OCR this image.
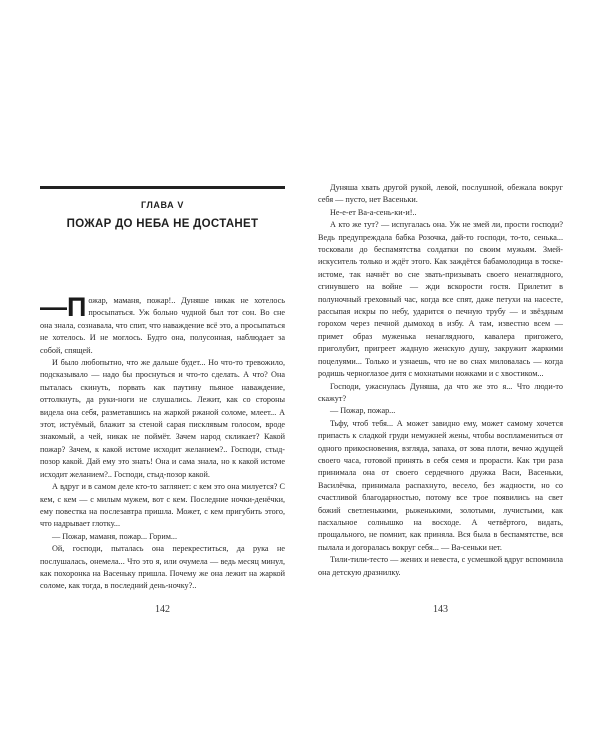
ГЛАВА V
ПОЖАР ДО НЕБА НЕ ДОСТАНЕТ

—П ожар, маманя, пожар!.. Дуняше никак не хотелось просыпаться. Уж больно чудной был тот сон. Во сне она знала, сознавала, что спит, что наваждение всё это, а просыпаться не хотелось. И не моглось. Будто она, полусонная, наблюдает за собой, спящей.

И было любопытно, что же дальше будет... Но что-то тревожило, подсказывало — надо бы проснуться и что-то сделать. А что? Она пыталась скинуть, порвать как паутину пьяное наваждение, оттолкнуть, да руки-ноги не слушались. Лежит, как со стороны видела она себя, разметавшись на жаркой ржаной соломе, млеет... А этот, истуёмый, блажит за стеной сарая писклявым голосом, вроде знакомый, а чей, никак не поймёт. Зачем народ скликает? Какой пожар? Зачем, к какой истоме исходит желанием?.. Господи, стыд-позор какой. Дай ему это знать! Она и сама знала, но к какой истоме исходит желанием?.. Господи, стыд-позор какой.

А вдруг и в самом деле кто-то заглянет: с кем это она милуется? С кем, с кем — с милым мужем, вот с кем. Последние ночки-денёчки, ему повестка на послезавтра пришла. Может, с кем пригубить этого, что надрывает глотку...

— Пожар, маманя, пожар... Горим...

Ой, господи, пыталась она перекреститься, да рука не послушалась, онемела... Что это я, или очумела — ведь месяц минул, как похоронка на Васеньку пришла. Почему же она лежит на жаркой соломе, как тогда, в последний день-ночку?..

142

Дуняша хвать другой рукой, левой, послушной, обежала вокруг себя — пусто, нет Васеньки.

Не-е-ет Ва-а-сень-ки-и!..

А кто же тут? — испугалась она. Уж не змей ли, прости господи? Ведь предупреждала бабка Розочка, дай-то господи, то-то, сенька... тосковали до беспамятства солдатки по своим мужьям. Змей-искуситель только и ждёт этого. Как заждётся бабамолодица в тоске-истоме, так начнёт во сне звать-призывать своего ненаглядного, сгинувшего на войне — жди вскорости гостя. Прилетит в полуночный греховный час, когда все спят, даже петухи на насесте, рассыпая искры по небу, ударится о печную трубу — и звёздным горохом через печной дымоход в избу. А там, известно всем — примет образ муженька ненаглядного, кавалера пригожего, приголубит, пригреет жадную женскую душу, закружит жаркими поцелуями... Только и узнаешь, что не во снах миловалась — когда родишь черноглазое дитя с мохнатыми ножками и с хвостиком...

Господи, ужаснулась Дуняша, да что же это я... Что люди-то скажут?

— Пожар, пожар...

Тьфу, чтоб тебя... А может завидно ему, может самому хочется припасть к сладкой груди немужней жены, чтобы воспламениться от одного прикосновения, взгляда, запаха, от зова плоти, вечно ждущей своего часа, готовой принять в себя семя и прорасти. Как три раза принимала она от своего сердечного дружка Васи, Васеньки, Василёчка, принимала распахнуто, весело, без жадности, но со счастливой благодарностью, потому все трое появились на свет божий светленькими, рыженькими, золотыми, лучистыми, как пасхальное солнышко на восходе. А четвёртого, видать, прощального, не помнит, как приняла. Вся была в беспамятстве, вся пылала и догоралась вокруг себя... — Ва-сеньки нет.

Тили-тили-тесто — жених и невеста, с усмешкой вдруг вспомнила она детскую дразнилку.

143
